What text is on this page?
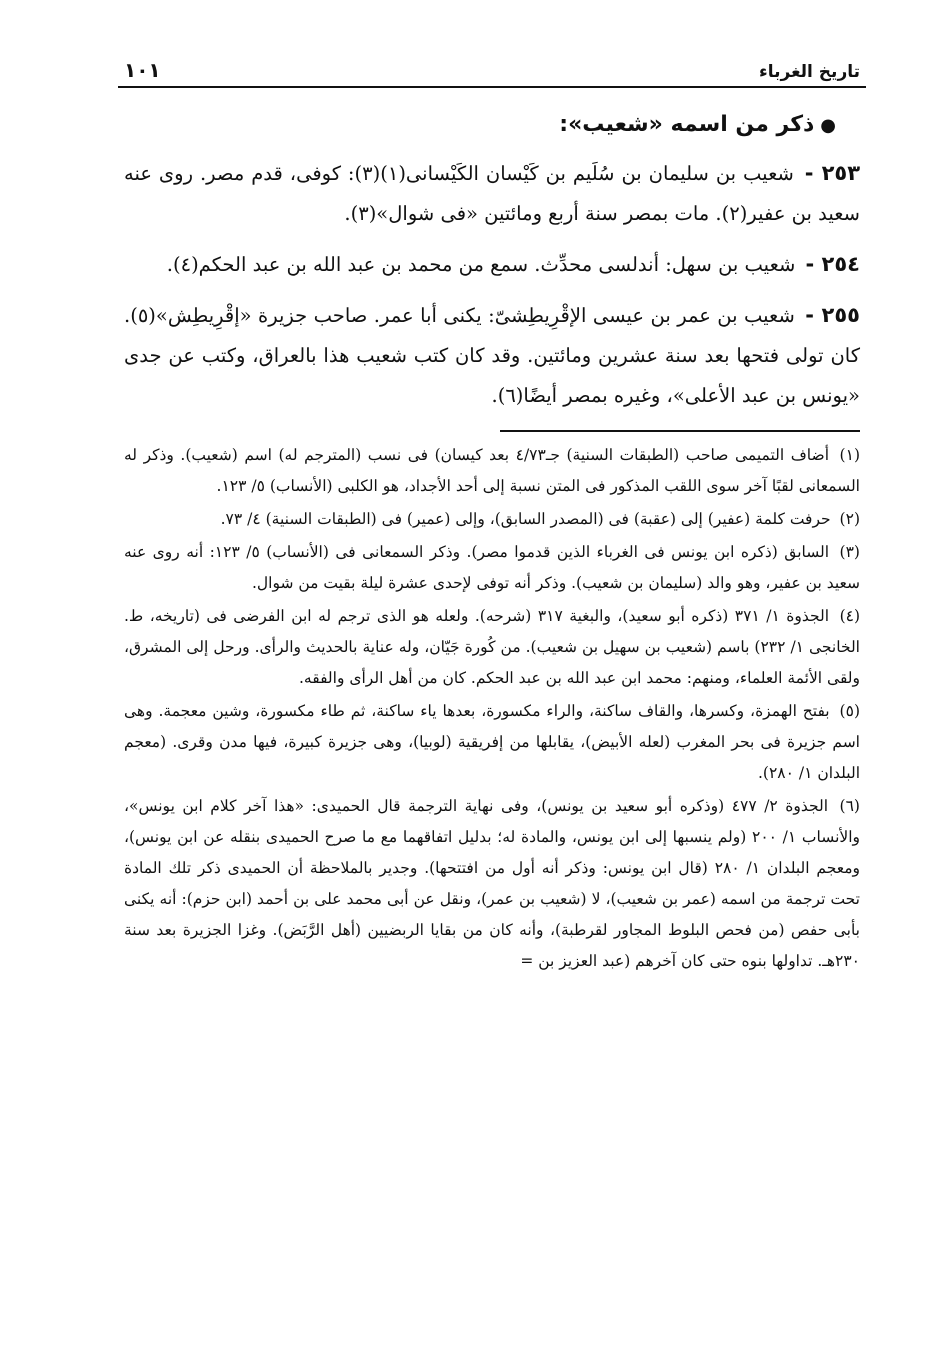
تاريخ الغرباء
١٠١
●ذكر من اسمه «شعيب»:

٢٥٣ - شعيب بن سليمان بن سُلَيم بن كَيْسان الكَيْسانى(١)(٣): كوفى، قدم مصر. روى عنه سعيد بن عفير(٢). مات بمصر سنة أربع ومائتين «فى شوال»(٣).

٢٥٤ - شعيب بن سهل: أندلسى محدِّث. سمع من محمد بن عبد الله بن عبد الحكم(٤).

٢٥٥ - شعيب بن عمر بن عيسى الإقْرِيطِشىّ: يكنى أبا عمر. صاحب جزيرة «إقْرِيطِش»(٥). كان تولى فتحها بعد سنة عشرين ومائتين. وقد كان كتب شعيب هذا بالعراق، وكتب عن جدى «يونس بن عبد الأعلى»، وغيره بمصر أيضًا(٦).

(١) أضاف التميمى صاحب (الطبقات السنية) جـ٤/٧٣ بعد كيسان) فى نسب (المترجم له) اسم (شعيب). وذكر له السمعانى لقبًا آخر سوى اللقب المذكور فى المتن نسبة إلى أحد الأجداد، هو الكلبى (الأنساب) ٥/ ١٢٣.

(٢) حرفت كلمة (عفير) إلى (عقبة) فى (المصدر السابق)، وإلى (عمير) فى (الطبقات السنية) ٤/ ٧٣.

(٣) السابق (ذكره ابن يونس فى الغرباء الذين قدموا مصر). وذكر السمعانى فى (الأنساب) ٥/ ١٢٣: أنه روى عنه سعيد بن عفير، وهو والد (سليمان بن شعيب). وذكر أنه توفى لإحدى عشرة ليلة بقيت من شوال.

(٤) الجذوة ١/ ٣٧١ (ذكره أبو سعيد)، والبغية ٣١٧ (شرحه). ولعله هو الذى ترجم له ابن الفرضى فى (تاريخه، ط. الخانجى ١/ ٢٣٢) باسم (شعيب بن سهيل بن شعيب). من كُورة جَيّان، وله عناية بالحديث والرأى. ورحل إلى المشرق، ولقى الأئمة العلماء، ومنهم: محمد ابن عبد الله بن عبد الحكم. كان من أهل الرأى والفقه.

(٥) بفتح الهمزة، وكسرها، والقاف ساكنة، والراء مكسورة، بعدها ياء ساكنة، ثم طاء مكسورة، وشين معجمة. وهى اسم جزيرة فى بحر المغرب (لعله الأبيض)، يقابلها من إفريقية (لوبيا)، وهى جزيرة كبيرة، فيها مدن وقرى. (معجم البلدان ١/ ٢٨٠).

(٦) الجذوة ٢/ ٤٧٧ (وذكره أبو سعيد بن يونس)، وفى نهاية الترجمة قال الحميدى: «هذا آخر كلام ابن يونس»، والأنساب ١/ ٢٠٠ (ولم ينسبها إلى ابن يونس، والمادة له؛ بدليل اتفاقهما مع ما صرح الحميدى بنقله عن ابن يونس)، ومعجم البلدان ١/ ٢٨٠ (قال ابن يونس: وذكر أنه أول من افتتحها). وجدير بالملاحظة أن الحميدى ذكر تلك المادة تحت ترجمة من اسمه (عمر بن شعيب)، لا (شعيب بن عمر)، ونقل عن أبى محمد على بن أحمد (ابن حزم): أنه يكنى بأبى حفص (من فحص البلوط المجاور لقرطبة)، وأنه كان من بقايا الربضيين (أهل الرَّبَض). وغزا الجزيرة بعد سنة ٢٣٠هـ. تداولها بنوه حتى كان آخرهم (عبد العزيز بن =
